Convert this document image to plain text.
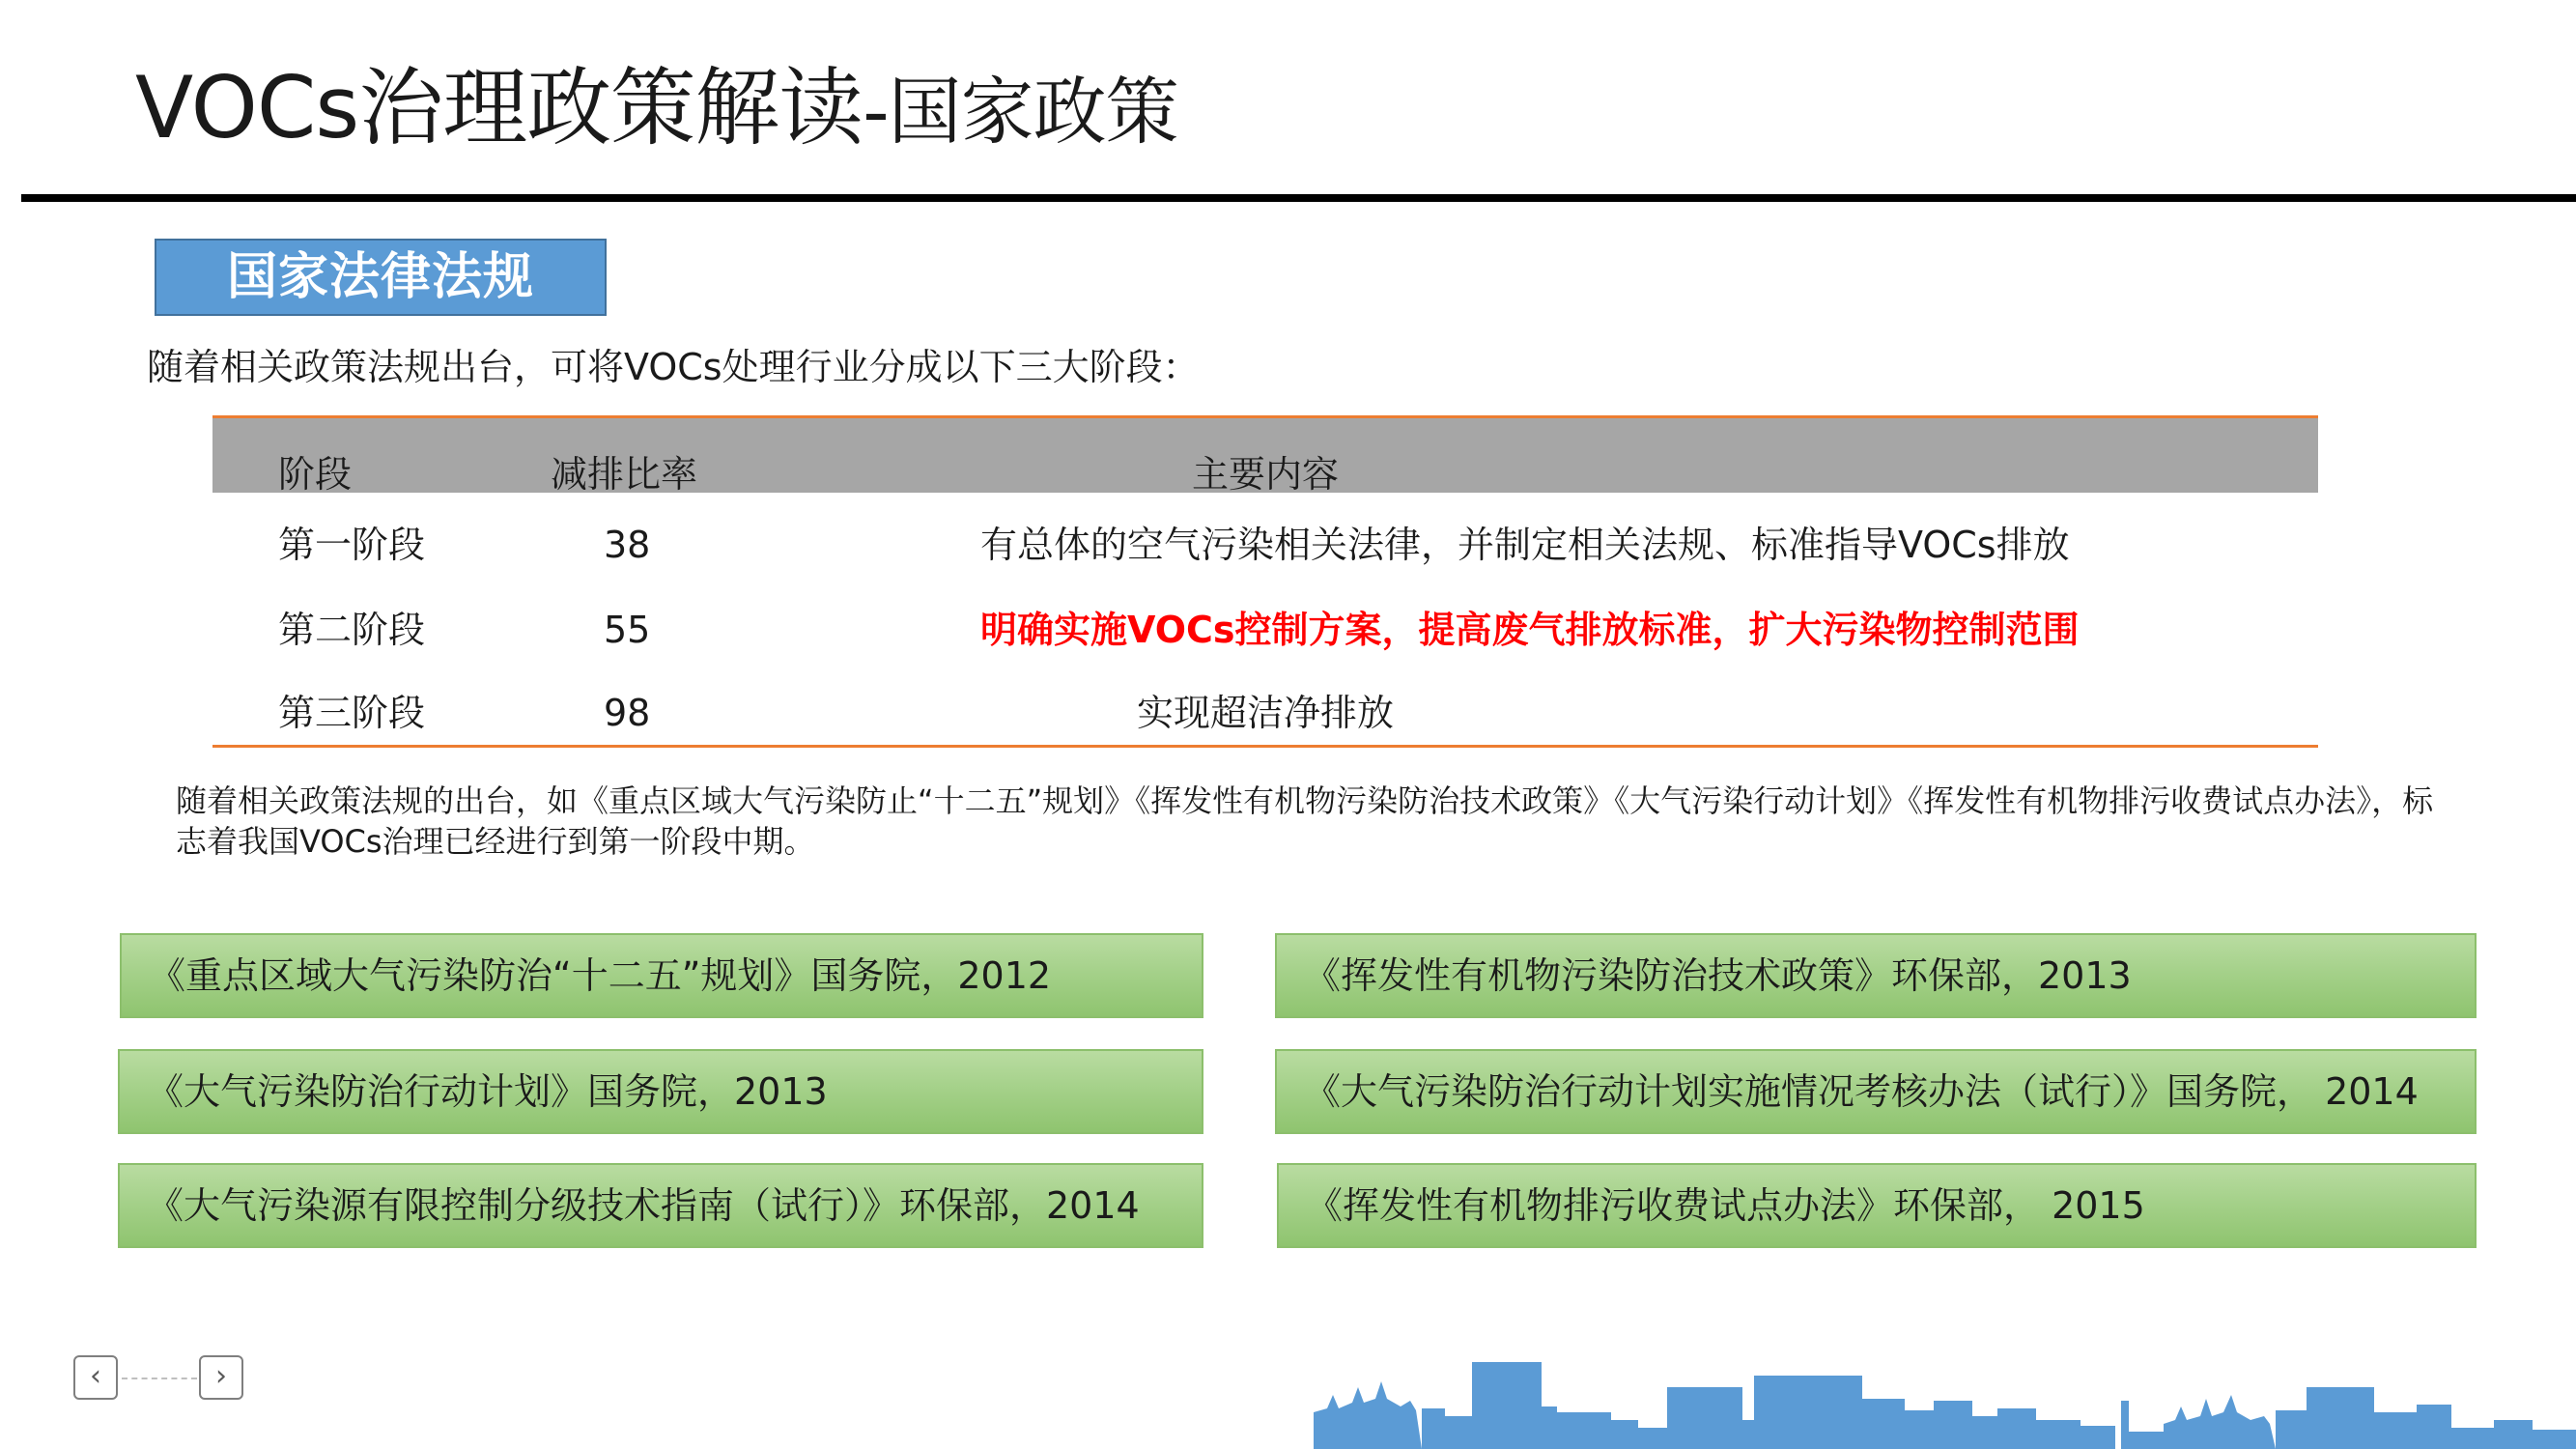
VOCs治理政策解读-国家政策
国家法律法规
随着相关政策法规出台，可将VOCs处理行业分成以下三大阶段：
阶段	减排比率	主要内容
第一阶段	38	有总体的空气污染相关法律，并制定相关法规、标准指导VOCs排放
第二阶段	55	明确实施VOCs控制方案，提高废气排放标准，扩大污染物控制范围
第三阶段	98	实现超洁净排放
随着相关政策法规的出台，如《重点区域大气污染防止“十二五”规划》《挥发性有机物污染防治技术政策》《大气污染行动计划》《挥发性有机物排污收费试点办法》，标志着我国VOCs治理已经进行到第一阶段中期。
《重点区域大气污染防治“十二五”规划》国务院，2012
《大气污染防治行动计划》国务院，2013
《大气污染源有限控制分级技术指南（试行）》环保部，2014
《挥发性有机物污染防治技术政策》环保部，2013
《大气污染防治行动计划实施情况考核办法（试行）》国务院， 2014
《挥发性有机物排污收费试点办法》环保部， 2015
‹	›
